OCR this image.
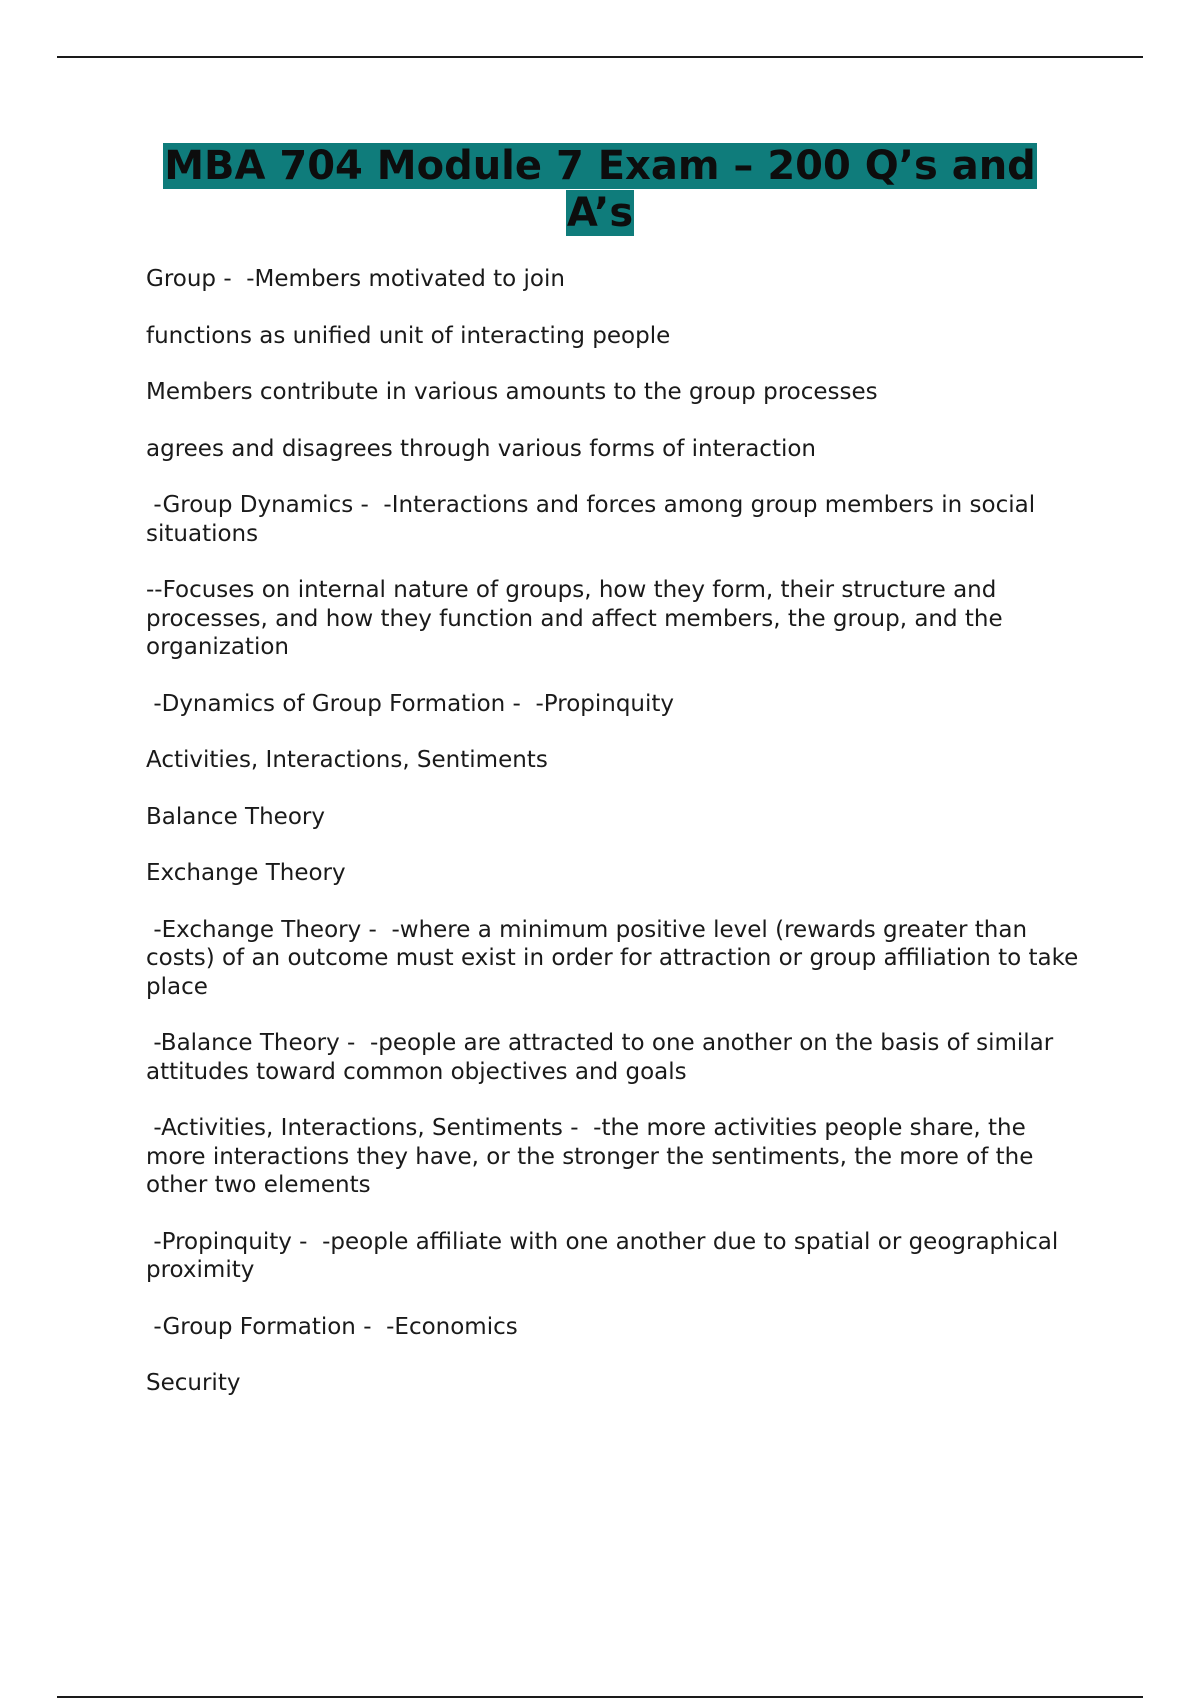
MBA 704 Module 7 Exam – 200 Q’s and A’s

Group -  -Members motivated to join

functions as unified unit of interacting people

Members contribute in various amounts to the group processes

agrees and disagrees through various forms of interaction

-Group Dynamics -  -Interactions and forces among group members in social situations

--Focuses on internal nature of groups, how they form, their structure and processes, and how they function and affect members, the group, and the organization

-Dynamics of Group Formation -  -Propinquity

Activities, Interactions, Sentiments

Balance Theory

Exchange Theory

-Exchange Theory -  -where a minimum positive level (rewards greater than costs) of an outcome must exist in order for attraction or group affiliation to take place

-Balance Theory -  -people are attracted to one another on the basis of similar attitudes toward common objectives and goals

-Activities, Interactions, Sentiments -  -the more activities people share, the more interactions they have, or the stronger the sentiments, the more of the other two elements

-Propinquity -  -people affiliate with one another due to spatial or geographical proximity

-Group Formation -  -Economics

Security
